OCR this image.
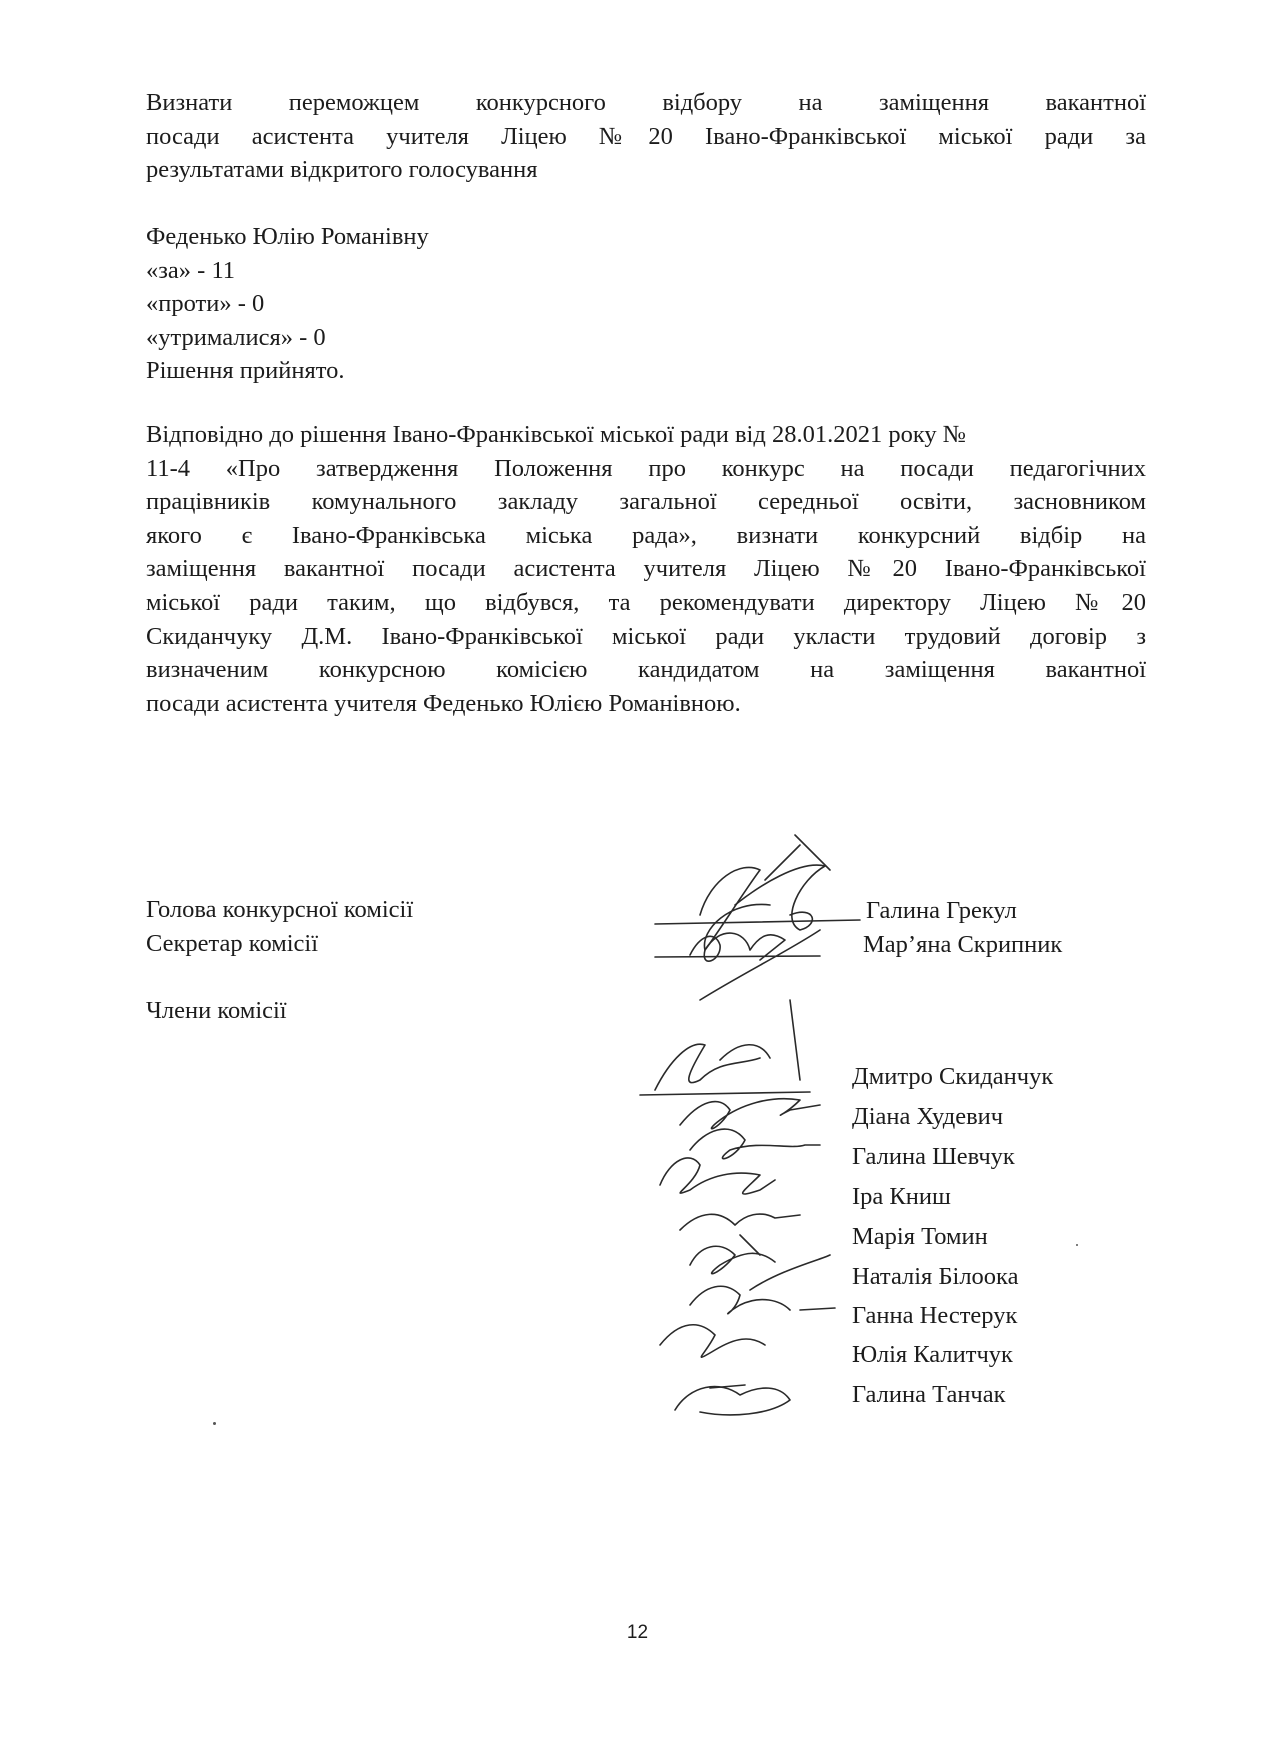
Визнати переможцем конкурсного відбору на заміщення вакантної
посади асистента учителя Ліцею №20 Івано-Франківської міської ради за
результатами відкритого голосування
Феденько Юлію Романівну
«за» - 11
«проти» - 0
«утрималися» - 0
Рішення прийнято.
Відповідно до рішення Івано-Франківської міської ради від 28.01.2021 року №
11-4 «Про затвердження Положення про конкурс на посади педагогічних
працівників комунального закладу загальної середньої освіти, засновником
якого є Івано-Франківська міська рада», визнати конкурсний відбір на
заміщення вакантної посади асистента учителя Ліцею №20 Івано-Франківської
міської ради таким, що відбувся, та рекомендувати директору Ліцею №20
Скиданчуку Д.М. Івано-Франківської міської ради укласти трудовий договір з
визначеним конкурсною комісією кандидатом на заміщення вакантної
посади асистента учителя Феденько Юлією Романівною.
Голова конкурсної комісії
Секретар комісії
Члени комісії
Галина Грекул
Мар’яна Скрипник
Дмитро Скиданчук
Діана Худевич
Галина Шевчук
Іра Книш
Марія Томин
Наталія Білоока
Ганна Нестерук
Юлія Калитчук
Галина Танчак
12
